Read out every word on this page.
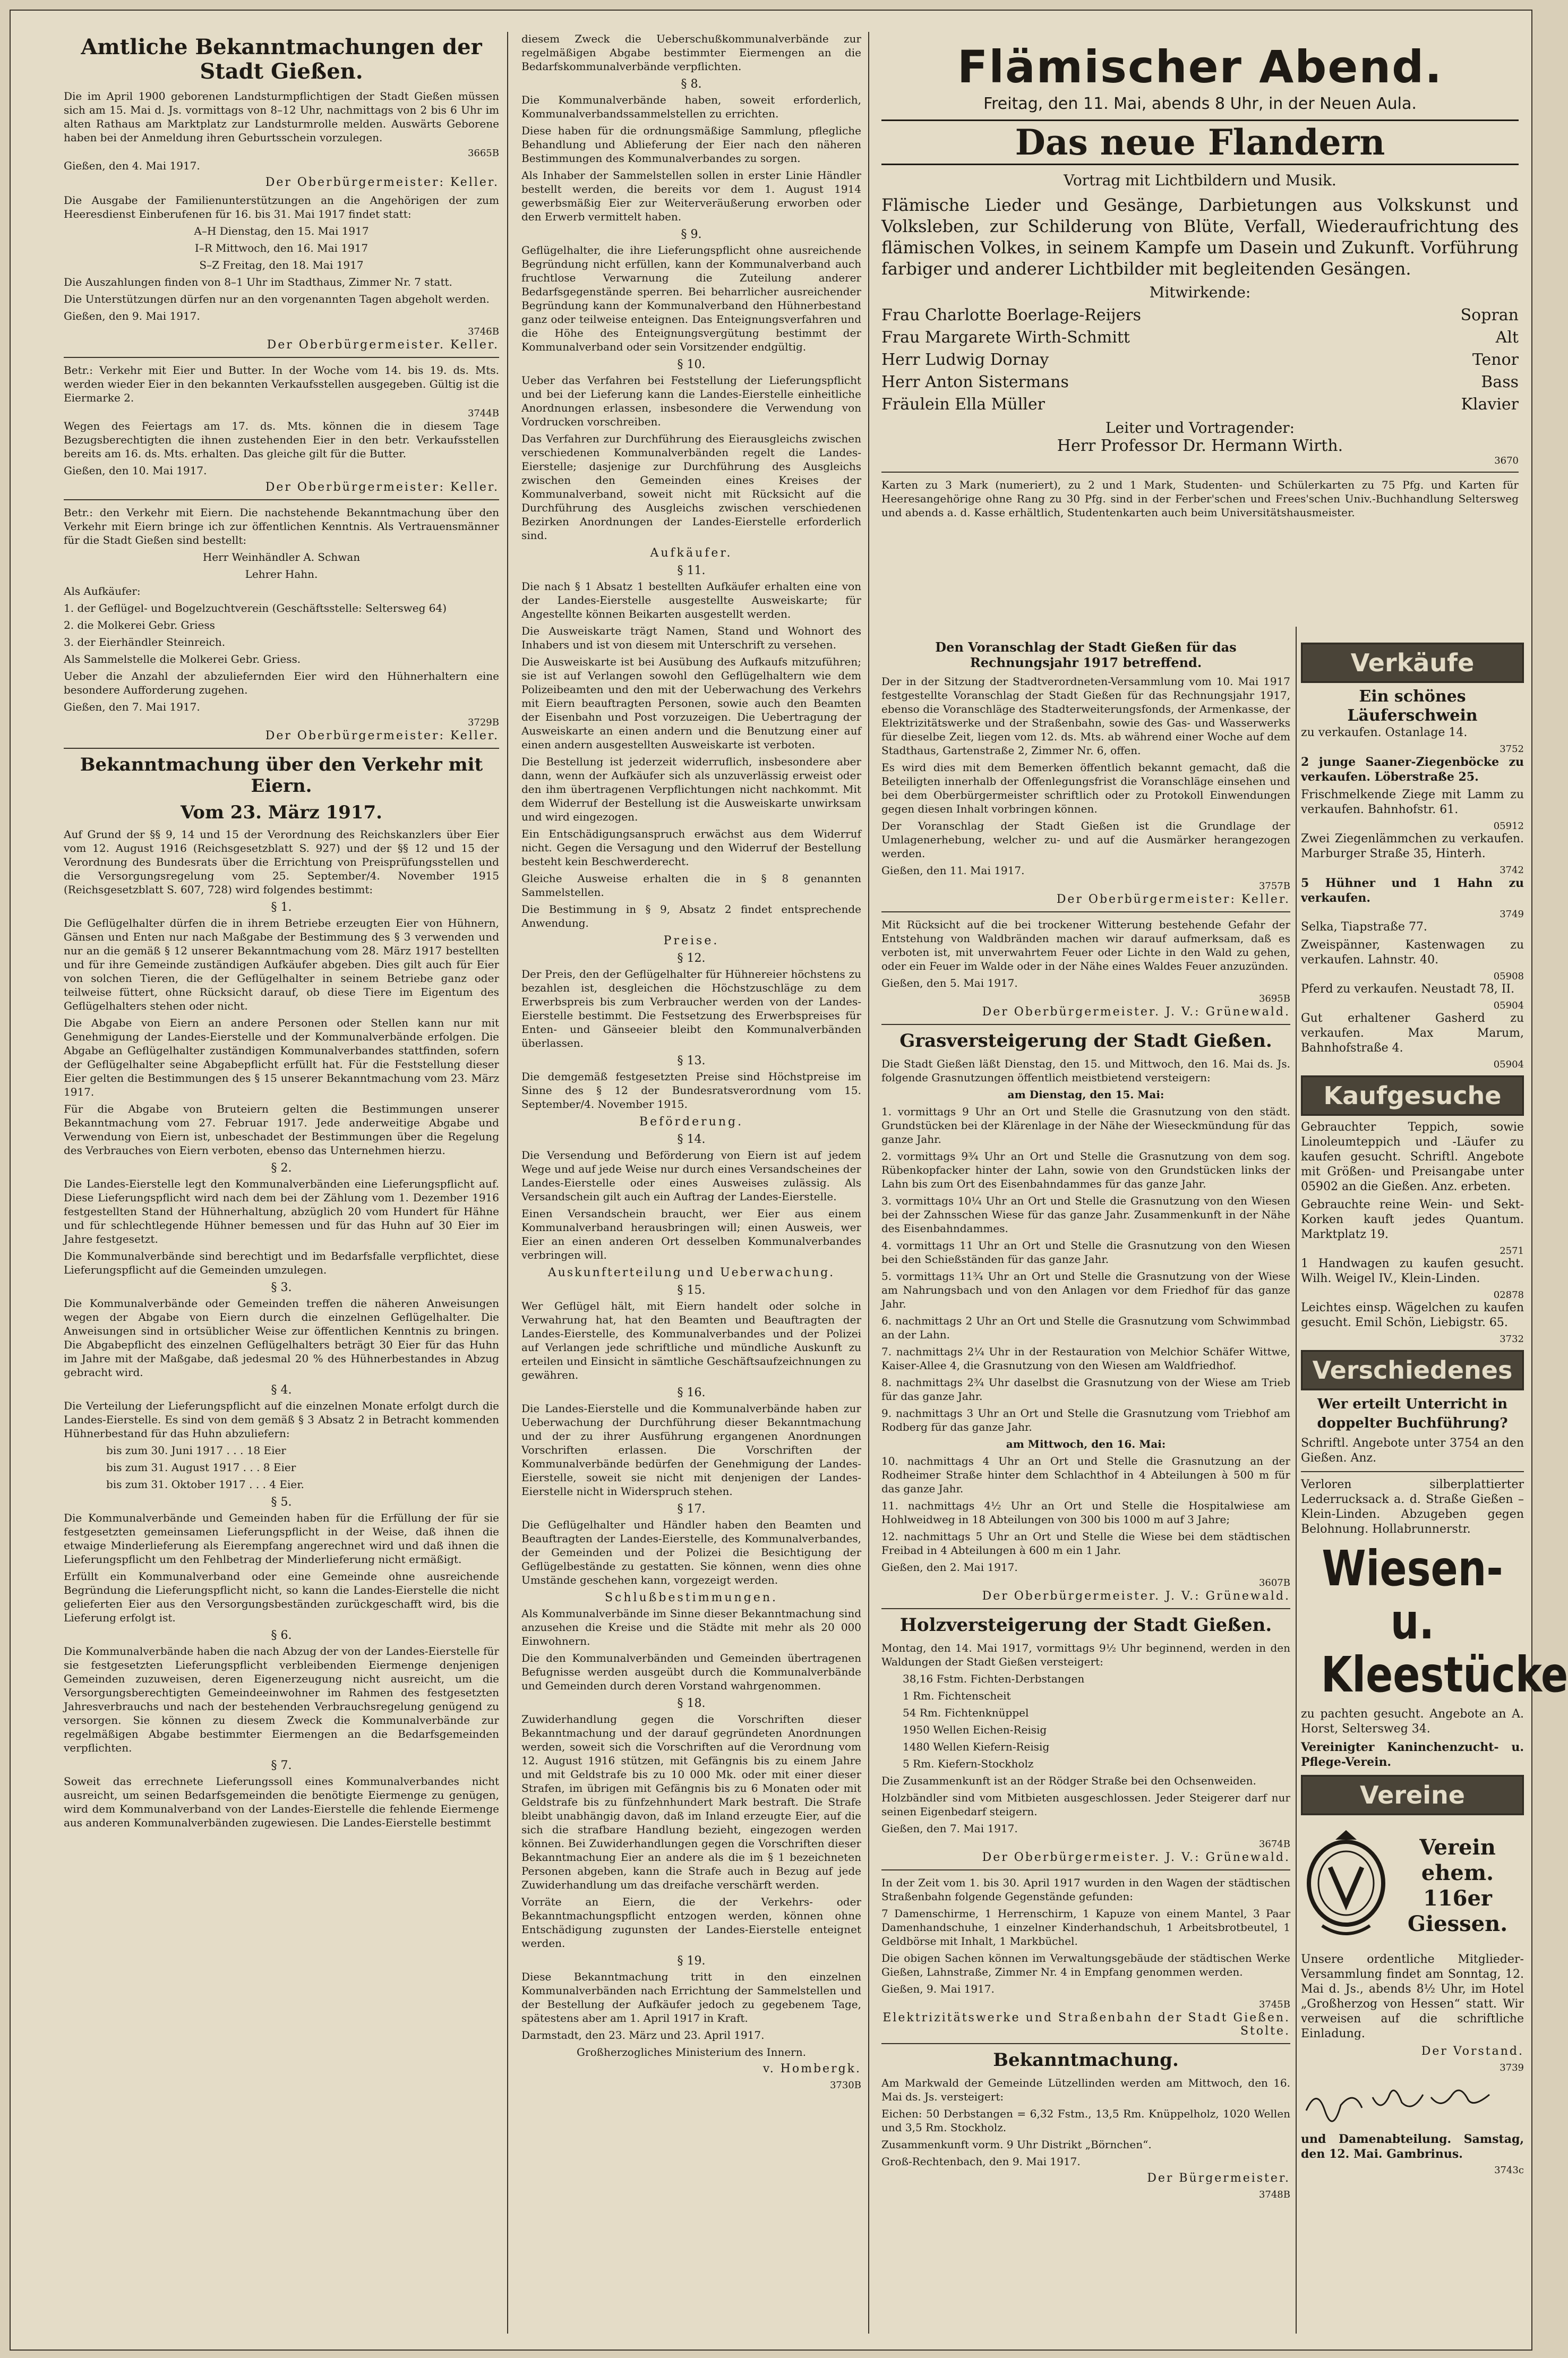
Amtliche Bekanntmachungen der Stadt Gießen.

Die im April 1900 geborenen Landsturmpflichtigen der Stadt Gießen müssen sich am 15. Mai d. Js. vormittags von 8–12 Uhr, nachmittags von 2 bis 6 Uhr im alten Rathaus am Marktplatz zur Landsturmrolle melden. Auswärts Geborene haben bei der Anmeldung ihren Geburtsschein vorzulegen.

3665B

Gießen, den 4. Mai 1917.

Der Oberbürgermeister: Keller.

Die Ausgabe der Familienunterstützungen an die Angehörigen der zum Heeresdienst Einberufenen für 16. bis 31. Mai 1917 findet statt:

A–H Dienstag, den 15. Mai 1917

I–R Mittwoch, den 16. Mai 1917

S–Z Freitag, den 18. Mai 1917

Die Auszahlungen finden von 8–1 Uhr im Stadthaus, Zimmer Nr. 7 statt.

Die Unterstützungen dürfen nur an den vorgenannten Tagen abgeholt werden.

Gießen, den 9. Mai 1917.

3746B
Der Oberbürgermeister. Keller.

Betr.: Verkehr mit Eier und Butter. In der Woche vom 14. bis 19. ds. Mts. werden wieder Eier in den bekannten Verkaufsstellen ausgegeben. Gültig ist die Eiermarke 2.

3744B

Wegen des Feiertags am 17. ds. Mts. können die in diesem Tage Bezugsberechtigten die ihnen zustehenden Eier in den betr. Verkaufsstellen bereits am 16. ds. Mts. erhalten. Das gleiche gilt für die Butter.

Gießen, den 10. Mai 1917.

Der Oberbürgermeister: Keller.

Betr.: den Verkehr mit Eiern. Die nachstehende Bekanntmachung über den Verkehr mit Eiern bringe ich zur öffentlichen Kenntnis. Als Vertrauensmänner für die Stadt Gießen sind bestellt:

Herr Weinhändler A. Schwan

Lehrer Hahn.

Als Aufkäufer:

1. der Geflügel- und Bogelzuchtverein (Geschäftsstelle: Seltersweg 64)

2. die Molkerei Gebr. Griess

3. der Eierhändler Steinreich.

Als Sammelstelle die Molkerei Gebr. Griess.

Ueber die Anzahl der abzuliefernden Eier wird den Hühnerhaltern eine besondere Aufforderung zugehen.

Gießen, den 7. Mai 1917.

3729B
Der Oberbürgermeister: Keller.
Bekanntmachung über den Verkehr mit Eiern.
Vom 23. März 1917.

Auf Grund der §§ 9, 14 und 15 der Verordnung des Reichskanzlers über Eier vom 12. August 1916 (Reichsgesetzblatt S. 927) und der §§ 12 und 15 der Verordnung des Bundesrats über die Errichtung von Preisprüfungsstellen und die Versorgungsregelung vom 25. September/4. November 1915 (Reichsgesetzblatt S. 607, 728) wird folgendes bestimmt:

§ 1.

Die Geflügelhalter dürfen die in ihrem Betriebe erzeugten Eier von Hühnern, Gänsen und Enten nur nach Maßgabe der Bestimmung des § 3 verwenden und nur an die gemäß § 12 unserer Bekanntmachung vom 28. März 1917 bestellten und für ihre Gemeinde zuständigen Aufkäufer abgeben. Dies gilt auch für Eier von solchen Tieren, die der Geflügelhalter in seinem Betriebe ganz oder teilweise füttert, ohne Rücksicht darauf, ob diese Tiere im Eigentum des Geflügelhalters stehen oder nicht.

Die Abgabe von Eiern an andere Personen oder Stellen kann nur mit Genehmigung der Landes-Eierstelle und der Kommunalverbände erfolgen. Die Abgabe an Geflügelhalter zuständigen Kommunalverbandes stattfinden, sofern der Geflügelhalter seine Abgabepflicht erfüllt hat. Für die Feststellung dieser Eier gelten die Bestimmungen des § 15 unserer Bekanntmachung vom 23. März 1917.

Für die Abgabe von Bruteiern gelten die Bestimmungen unserer Bekanntmachung vom 27. Februar 1917. Jede anderweitige Abgabe und Verwendung von Eiern ist, unbeschadet der Bestimmungen über die Regelung des Verbrauches von Eiern verboten, ebenso das Unternehmen hierzu.

§ 2.

Die Landes-Eierstelle legt den Kommunalverbänden eine Lieferungspflicht auf. Diese Lieferungspflicht wird nach dem bei der Zählung vom 1. Dezember 1916 festgestellten Stand der Hühnerhaltung, abzüglich 20 vom Hundert für Hähne und für schlechtlegende Hühner bemessen und für das Huhn auf 30 Eier im Jahre festgesetzt.

Die Kommunalverbände sind berechtigt und im Bedarfsfalle verpflichtet, diese Lieferungspflicht auf die Gemeinden umzulegen.

§ 3.

Die Kommunalverbände oder Gemeinden treffen die näheren Anweisungen wegen der Abgabe von Eiern durch die einzelnen Geflügelhalter. Die Anweisungen sind in ortsüblicher Weise zur öffentlichen Kenntnis zu bringen. Die Abgabepflicht des einzelnen Geflügelhalters beträgt 30 Eier für das Huhn im Jahre mit der Maßgabe, daß jedesmal 20 % des Hühnerbestandes in Abzug gebracht wird.

§ 4.

Die Verteilung der Lieferungspflicht auf die einzelnen Monate erfolgt durch die Landes-Eierstelle. Es sind von dem gemäß § 3 Absatz 2 in Betracht kommenden Hühnerbestand für das Huhn abzuliefern:

bis zum 30. Juni 1917 . . . 18 Eier

bis zum 31. August 1917 . . . 8 Eier

bis zum 31. Oktober 1917 . . . 4 Eier.

§ 5.

Die Kommunalverbände und Gemeinden haben für die Erfüllung der für sie festgesetzten gemeinsamen Lieferungspflicht in der Weise, daß ihnen die etwaige Minderlieferung als Eierempfang angerechnet wird und daß ihnen die Lieferungspflicht um den Fehlbetrag der Minderlieferung nicht ermäßigt.

Erfüllt ein Kommunalverband oder eine Gemeinde ohne ausreichende Begründung die Lieferungspflicht nicht, so kann die Landes-Eierstelle die nicht gelieferten Eier aus den Versorgungsbeständen zurückgeschafft wird, bis die Lieferung erfolgt ist.

§ 6.

Die Kommunalverbände haben die nach Abzug der von der Landes-Eierstelle für sie festgesetzten Lieferungspflicht verbleibenden Eiermenge denjenigen Gemeinden zuzuweisen, deren Eigenerzeugung nicht ausreicht, um die Versorgungsberechtigten Gemeindeeinwohner im Rahmen des festgesetzten Jahresverbrauchs und nach der bestehenden Verbrauchsregelung genügend zu versorgen. Sie können zu diesem Zweck die Kommunalverbände zur regelmäßigen Abgabe bestimmter Eiermengen an die Bedarfsgemeinden verpflichten.

§ 7.

Soweit das errechnete Lieferungssoll eines Kommunalverbandes nicht ausreicht, um seinen Bedarfsgemeinden die benötigte Eiermenge zu genügen, wird dem Kommunalverband von der Landes-Eierstelle die fehlende Eiermenge aus anderen Kommunalverbänden zugewiesen. Die Landes-Eierstelle bestimmt

diesem Zweck die Ueberschußkommunalverbände zur regelmäßigen Abgabe bestimmter Eiermengen an die Bedarfskommunalverbände verpflichten.

§ 8.

Die Kommunalverbände haben, soweit erforderlich, Kommunalverbandssammelstellen zu errichten.

Diese haben für die ordnungsmäßige Sammlung, pflegliche Behandlung und Ablieferung der Eier nach den näheren Bestimmungen des Kommunalverbandes zu sorgen.

Als Inhaber der Sammelstellen sollen in erster Linie Händler bestellt werden, die bereits vor dem 1. August 1914 gewerbsmäßig Eier zur Weiterveräußerung erworben oder den Erwerb vermittelt haben.

§ 9.

Geflügelhalter, die ihre Lieferungspflicht ohne ausreichende Begründung nicht erfüllen, kann der Kommunalverband auch fruchtlose Verwarnung die Zuteilung anderer Bedarfsgegenstände sperren. Bei beharrlicher ausreichender Begründung kann der Kommunalverband den Hühnerbestand ganz oder teilweise enteignen. Das Enteignungsverfahren und die Höhe des Enteignungsvergütung bestimmt der Kommunalverband oder sein Vorsitzender endgültig.

§ 10.

Ueber das Verfahren bei Feststellung der Lieferungspflicht und bei der Lieferung kann die Landes-Eierstelle einheitliche Anordnungen erlassen, insbesondere die Verwendung von Vordrucken vorschreiben.

Das Verfahren zur Durchführung des Eierausgleichs zwischen verschiedenen Kommunalverbänden regelt die Landes-Eierstelle; dasjenige zur Durchführung des Ausgleichs zwischen den Gemeinden eines Kreises der Kommunalverband, soweit nicht mit Rücksicht auf die Durchführung des Ausgleichs zwischen verschiedenen Bezirken Anordnungen der Landes-Eierstelle erforderlich sind.

Aufkäufer.
§ 11.

Die nach § 1 Absatz 1 bestellten Aufkäufer erhalten eine von der Landes-Eierstelle ausgestellte Ausweiskarte; für Angestellte können Beikarten ausgestellt werden.

Die Ausweiskarte trägt Namen, Stand und Wohnort des Inhabers und ist von diesem mit Unterschrift zu versehen.

Die Ausweiskarte ist bei Ausübung des Aufkaufs mitzuführen; sie ist auf Verlangen sowohl den Geflügelhaltern wie dem Polizeibeamten und den mit der Ueberwachung des Verkehrs mit Eiern beauftragten Personen, sowie auch den Beamten der Eisenbahn und Post vorzuzeigen. Die Uebertragung der Ausweiskarte an einen andern und die Benutzung einer auf einen andern ausgestellten Ausweiskarte ist verboten.

Die Bestellung ist jederzeit widerruflich, insbesondere aber dann, wenn der Aufkäufer sich als unzuverlässig erweist oder den ihm übertragenen Verpflichtungen nicht nachkommt. Mit dem Widerruf der Bestellung ist die Ausweiskarte unwirksam und wird eingezogen.

Ein Entschädigungsanspruch erwächst aus dem Widerruf nicht. Gegen die Versagung und den Widerruf der Bestellung besteht kein Beschwerderecht.

Gleiche Ausweise erhalten die in § 8 genannten Sammelstellen.

Die Bestimmung in § 9, Absatz 2 findet entsprechende Anwendung.

Preise.
§ 12.

Der Preis, den der Geflügelhalter für Hühnereier höchstens zu bezahlen ist, desgleichen die Höchstzuschläge zu dem Erwerbspreis bis zum Verbraucher werden von der Landes-Eierstelle bestimmt. Die Festsetzung des Erwerbspreises für Enten- und Gänseeier bleibt den Kommunalverbänden überlassen.

§ 13.

Die demgemäß festgesetzten Preise sind Höchstpreise im Sinne des § 12 der Bundesratsverordnung vom 15. September/4. November 1915.

Beförderung.
§ 14.

Die Versendung und Beförderung von Eiern ist auf jedem Wege und auf jede Weise nur durch eines Versandscheines der Landes-Eierstelle oder eines Ausweises zulässig. Als Versandschein gilt auch ein Auftrag der Landes-Eierstelle.

Einen Versandschein braucht, wer Eier aus einem Kommunalverband herausbringen will; einen Ausweis, wer Eier an einen anderen Ort desselben Kommunalverbandes verbringen will.

Auskunfterteilung und Ueberwachung.
§ 15.

Wer Geflügel hält, mit Eiern handelt oder solche in Verwahrung hat, hat den Beamten und Beauftragten der Landes-Eierstelle, des Kommunalverbandes und der Polizei auf Verlangen jede schriftliche und mündliche Auskunft zu erteilen und Einsicht in sämtliche Geschäftsaufzeichnungen zu gewähren.

§ 16.

Die Landes-Eierstelle und die Kommunalverbände haben zur Ueberwachung der Durchführung dieser Bekanntmachung und der zu ihrer Ausführung ergangenen Anordnungen Vorschriften erlassen. Die Vorschriften der Kommunalverbände bedürfen der Genehmigung der Landes-Eierstelle, soweit sie nicht mit denjenigen der Landes-Eierstelle nicht in Widerspruch stehen.

§ 17.

Die Geflügelhalter und Händler haben den Beamten und Beauftragten der Landes-Eierstelle, des Kommunalverbandes, der Gemeinden und der Polizei die Besichtigung der Geflügelbestände zu gestatten. Sie können, wenn dies ohne Umstände geschehen kann, vorgezeigt werden.

Schlußbestimmungen.

Als Kommunalverbände im Sinne dieser Bekanntmachung sind anzusehen die Kreise und die Städte mit mehr als 20 000 Einwohnern.

Die den Kommunalverbänden und Gemeinden übertragenen Befugnisse werden ausgeübt durch die Kommunalverbände und Gemeinden durch deren Vorstand wahrgenommen.

§ 18.

Zuwiderhandlung gegen die Vorschriften dieser Bekanntmachung und der darauf gegründeten Anordnungen werden, soweit sich die Vorschriften auf die Verordnung vom 12. August 1916 stützen, mit Gefängnis bis zu einem Jahre und mit Geldstrafe bis zu 10 000 Mk. oder mit einer dieser Strafen, im übrigen mit Gefängnis bis zu 6 Monaten oder mit Geldstrafe bis zu fünfzehnhundert Mark bestraft. Die Strafe bleibt unabhängig davon, daß im Inland erzeugte Eier, auf die sich die strafbare Handlung bezieht, eingezogen werden können. Bei Zuwiderhandlungen gegen die Vorschriften dieser Bekanntmachung Eier an andere als die im § 1 bezeichneten Personen abgeben, kann die Strafe auch in Bezug auf jede Zuwiderhandlung um das dreifache verschärft werden.

Vorräte an Eiern, die der Verkehrs- oder Bekanntmachungspflicht entzogen werden, können ohne Entschädigung zugunsten der Landes-Eierstelle enteignet werden.

§ 19.

Diese Bekanntmachung tritt in den einzelnen Kommunalverbänden nach Errichtung der Sammelstellen und der Bestellung der Aufkäufer jedoch zu gegebenem Tage, spätestens aber am 1. April 1917 in Kraft.

Darmstadt, den 23. März und 23. April 1917.

Großherzogliches Ministerium des Innern.

v. Hombergk.
3730B
Flämischer Abend.
Freitag, den 11. Mai, abends 8 Uhr, in der Neuen Aula.
Das neue Flandern
Vortrag mit Lichtbildern und Musik.
Flämische Lieder und Gesänge, Darbietungen aus Volkskunst und Volksleben, zur Schilderung von Blüte, Verfall, Wiederaufrichtung des flämischen Volkes, in seinem Kampfe um Dasein und Zukunft. Vorführung farbiger und anderer Lichtbilder mit begleitenden Gesängen.
Mitwirkende:
Frau Charlotte Boerlage-Reijers	Sopran
Frau Margarete Wirth-Schmitt	Alt
Herr Ludwig Dornay	Tenor
Herr Anton Sistermans	Bass
Fräulein Ella Müller	Klavier
Leiter und Vortragender:
Herr Professor Dr. Hermann Wirth.
3670
Karten zu 3 Mark (numeriert), zu 2 und 1 Mark, Studenten- und Schülerkarten zu 75 Pfg. und Karten für Heeresangehörige ohne Rang zu 30 Pfg. sind in der Ferber'schen und Frees'schen Univ.-Buchhandlung Seltersweg und abends a. d. Kasse erhältlich, Studentenkarten auch beim Universitätshausmeister.
Den Voranschlag der Stadt Gießen für das Rechnungsjahr 1917 betreffend.

Der in der Sitzung der Stadtverordneten-Versammlung vom 10. Mai 1917 festgestellte Voranschlag der Stadt Gießen für das Rechnungsjahr 1917, ebenso die Voranschläge des Stadterweiterungsfonds, der Armenkasse, der Elektrizitätswerke und der Straßenbahn, sowie des Gas- und Wasserwerks für dieselbe Zeit, liegen vom 12. ds. Mts. ab während einer Woche auf dem Stadthaus, Gartenstraße 2, Zimmer Nr. 6, offen.

Es wird dies mit dem Bemerken öffentlich bekannt gemacht, daß die Beteiligten innerhalb der Offenlegungsfrist die Voranschläge einsehen und bei dem Oberbürgermeister schriftlich oder zu Protokoll Einwendungen gegen diesen Inhalt vorbringen können.

Der Voranschlag der Stadt Gießen ist die Grundlage der Umlagenerhebung, welcher zu- und auf die Ausmärker herangezogen werden.

Gießen, den 11. Mai 1917.

3757B
Der Oberbürgermeister: Keller.

Mit Rücksicht auf die bei trockener Witterung bestehende Gefahr der Entstehung von Waldbränden machen wir darauf aufmerksam, daß es verboten ist, mit unverwahrtem Feuer oder Lichte in den Wald zu gehen, oder ein Feuer im Walde oder in der Nähe eines Waldes Feuer anzuzünden.

Gießen, den 5. Mai 1917.

3695B
Der Oberbürgermeister. J. V.: Grünewald.
Grasversteigerung der Stadt Gießen.

Die Stadt Gießen läßt Dienstag, den 15. und Mittwoch, den 16. Mai ds. Js. folgende Grasnutzungen öffentlich meistbietend versteigern:

am Dienstag, den 15. Mai:

1. vormittags 9 Uhr an Ort und Stelle die Grasnutzung von den städt. Grundstücken bei der Klärenlage in der Nähe der Wieseckmündung für das ganze Jahr.

2. vormittags 9¾ Uhr an Ort und Stelle die Grasnutzung von dem sog. Rübenkopfacker hinter der Lahn, sowie von den Grundstücken links der Lahn bis zum Ort des Eisenbahndammes für das ganze Jahr.

3. vormittags 10¼ Uhr an Ort und Stelle die Grasnutzung von den Wiesen bei der Zahnsschen Wiese für das ganze Jahr. Zusammenkunft in der Nähe des Eisenbahndammes.

4. vormittags 11 Uhr an Ort und Stelle die Grasnutzung von den Wiesen bei den Schießständen für das ganze Jahr.

5. vormittags 11¾ Uhr an Ort und Stelle die Grasnutzung von der Wiese am Nahrungsbach und von den Anlagen vor dem Friedhof für das ganze Jahr.

6. nachmittags 2 Uhr an Ort und Stelle die Grasnutzung vom Schwimmbad an der Lahn.

7. nachmittags 2¼ Uhr in der Restauration von Melchior Schäfer Wittwe, Kaiser-Allee 4, die Grasnutzung von den Wiesen am Waldfriedhof.

8. nachmittags 2¾ Uhr daselbst die Grasnutzung von der Wiese am Trieb für das ganze Jahr.

9. nachmittags 3 Uhr an Ort und Stelle die Grasnutzung vom Triebhof am Rodberg für das ganze Jahr.

am Mittwoch, den 16. Mai:

10. nachmittags 4 Uhr an Ort und Stelle die Grasnutzung an der Rodheimer Straße hinter dem Schlachthof in 4 Abteilungen à 500 m für das ganze Jahr.

11. nachmittags 4½ Uhr an Ort und Stelle die Hospitalwiese am Hohlweidweg in 18 Abteilungen von 300 bis 1000 m auf 3 Jahre;

12. nachmittags 5 Uhr an Ort und Stelle die Wiese bei dem städtischen Freibad in 4 Abteilungen à 600 m ein 1 Jahr.

Gießen, den 2. Mai 1917.

3607B
Der Oberbürgermeister. J. V.: Grünewald.
Holzversteigerung der Stadt Gießen.

Montag, den 14. Mai 1917, vormittags 9½ Uhr beginnend, werden in den Waldungen der Stadt Gießen versteigert:

38,16 Fstm. Fichten-Derbstangen

1 Rm. Fichtenscheit

54 Rm. Fichtenknüppel

1950 Wellen Eichen-Reisig

1480 Wellen Kiefern-Reisig

5 Rm. Kiefern-Stockholz

Die Zusammenkunft ist an der Rödger Straße bei den Ochsenweiden.

Holzbändler sind vom Mitbieten ausgeschlossen. Jeder Steigerer darf nur seinen Eigenbedarf steigern.

Gießen, den 7. Mai 1917.

3674B
Der Oberbürgermeister. J. V.: Grünewald.

In der Zeit vom 1. bis 30. April 1917 wurden in den Wagen der städtischen Straßenbahn folgende Gegenstände gefunden:

7 Damenschirme, 1 Herrenschirm, 1 Kapuze von einem Mantel, 3 Paar Damenhandschuhe, 1 einzelner Kinderhandschuh, 1 Arbeitsbrotbeutel, 1 Geldbörse mit Inhalt, 1 Markbüchel.

Die obigen Sachen können im Verwaltungsgebäude der städtischen Werke Gießen, Lahnstraße, Zimmer Nr. 4 in Empfang genommen werden.

Gießen, 9. Mai 1917.

3745B
Elektrizitätswerke und Straßenbahn der Stadt Gießen. Stolte.
Bekanntmachung.

Am Markwald der Gemeinde Lützellinden werden am Mittwoch, den 16. Mai ds. Js. versteigert:

Eichen: 50 Derbstangen = 6,32 Fstm., 13,5 Rm. Knüppelholz, 1020 Wellen und 3,5 Rm. Stockholz.

Zusammenkunft vorm. 9 Uhr Distrikt „Börnchen“.

Groß-Rechtenbach, den 9. Mai 1917.

Der Bürgermeister.
3748B
Verkäufe
Ein schönes Läuferschwein

zu verkaufen. Ostanlage 14.

3752

2 junge Saaner-Ziegenböcke zu verkaufen. Löberstraße 25.

Frischmelkende Ziege mit Lamm zu verkaufen. Bahnhofstr. 61.

05912

Zwei Ziegenlämmchen zu verkaufen. Marburger Straße 35, Hinterh.

3742

5 Hühner und 1 Hahn zu verkaufen.

3749

Selka, Tiapstraße 77.

Zweispänner, Kastenwagen zu verkaufen. Lahnstr. 40.

05908

Pferd zu verkaufen. Neustadt 78, II.

05904

Gut erhaltener Gasherd zu verkaufen. Max Marum, Bahnhofstraße 4.

05904
Kaufgesuche

Gebrauchter Teppich, sowie Linoleumteppich und -Läufer zu kaufen gesucht. Schriftl. Angebote mit Größen- und Preisangabe unter 05902 an die Gießen. Anz. erbeten.

Gebrauchte reine Wein- und Sekt-Korken kauft jedes Quantum. Marktplatz 19.

2571

1 Handwagen zu kaufen gesucht. Wilh. Weigel IV., Klein-Linden.

02878

Leichtes einsp. Wägelchen zu kaufen gesucht. Emil Schön, Liebigstr. 65.

3732
Verschiedenes

Wer erteilt Unterricht in doppelter Buchführung?

Schriftl. Angebote unter 3754 an den Gießen. Anz.

Verloren silberplattierter Lederrucksack a. d. Straße Gießen – Klein-Linden. Abzugeben gegen Belohnung. Hollabrunnerstr.

Wiesen- u. Kleestücke

zu pachten gesucht. Angebote an A. Horst, Seltersweg 34.

Vereinigter Kaninchenzucht- u. Pflege-Verein.

Vereine
Verein ehem. 116er Giessen.

Unsere ordentliche Mitglieder-Versammlung findet am Sonntag, 12. Mai d. Js., abends 8½ Uhr, im Hotel „Großherzog von Hessen“ statt. Wir verweisen auf die schriftliche Einladung.

Der Vorstand.
3739

und Damenabteilung. Samstag, den 12. Mai. Gambrinus.

3743c
